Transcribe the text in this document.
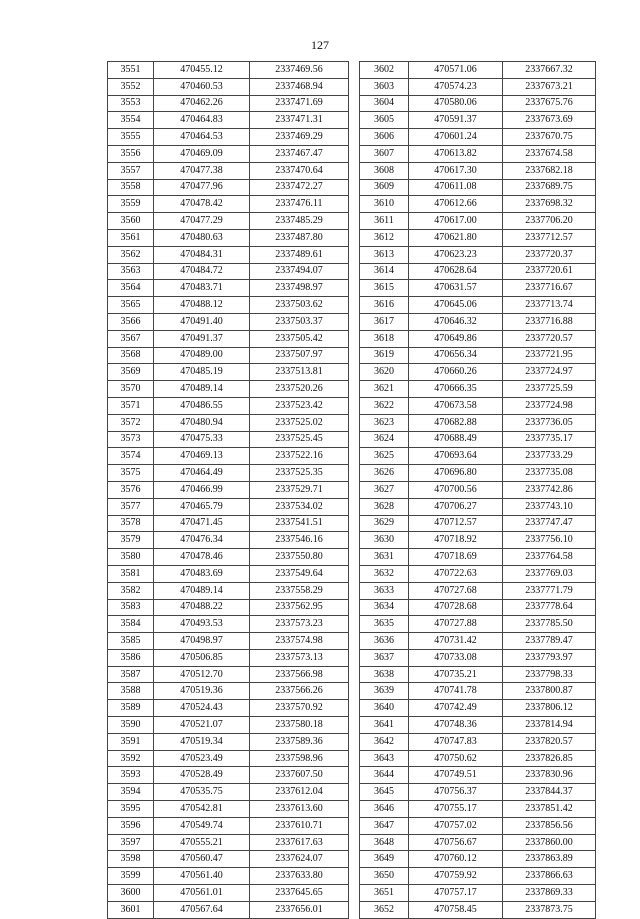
127
3551	470455.12	2337469.56
3552	470460.53	2337468.94
3553	470462.26	2337471.69
3554	470464.83	2337471.31
3555	470464.53	2337469.29
3556	470469.09	2337467.47
3557	470477.38	2337470.64
3558	470477.96	2337472.27
3559	470478.42	2337476.11
3560	470477.29	2337485.29
3561	470480.63	2337487.80
3562	470484.31	2337489.61
3563	470484.72	2337494.07
3564	470483.71	2337498.97
3565	470488.12	2337503.62
3566	470491.40	2337503.37
3567	470491.37	2337505.42
3568	470489.00	2337507.97
3569	470485.19	2337513.81
3570	470489.14	2337520.26
3571	470486.55	2337523.42
3572	470480.94	2337525.02
3573	470475.33	2337525.45
3574	470469.13	2337522.16
3575	470464.49	2337525.35
3576	470466.99	2337529.71
3577	470465.79	2337534.02
3578	470471.45	2337541.51
3579	470476.34	2337546.16
3580	470478.46	2337550.80
3581	470483.69	2337549.64
3582	470489.14	2337558.29
3583	470488.22	2337562.95
3584	470493.53	2337573.23
3585	470498.97	2337574.98
3586	470506.85	2337573.13
3587	470512.70	2337566.98
3588	470519.36	2337566.26
3589	470524.43	2337570.92
3590	470521.07	2337580.18
3591	470519.34	2337589.36
3592	470523.49	2337598.96
3593	470528.49	2337607.50
3594	470535.75	2337612.04
3595	470542.81	2337613.60
3596	470549.74	2337610.71
3597	470555.21	2337617.63
3598	470560.47	2337624.07
3599	470561.40	2337633.80
3600	470561.01	2337645.65
3601	470567.64	2337656.01
3602	470571.06	2337667.32
3603	470574.23	2337673.21
3604	470580.06	2337675.76
3605	470591.37	2337673.69
3606	470601.24	2337670.75
3607	470613.82	2337674.58
3608	470617.30	2337682.18
3609	470611.08	2337689.75
3610	470612.66	2337698.32
3611	470617.00	2337706.20
3612	470621.80	2337712.57
3613	470623.23	2337720.37
3614	470628.64	2337720.61
3615	470631.57	2337716.67
3616	470645.06	2337713.74
3617	470646.32	2337716.88
3618	470649.86	2337720.57
3619	470656.34	2337721.95
3620	470660.26	2337724.97
3621	470666.35	2337725.59
3622	470673.58	2337724.98
3623	470682.88	2337736.05
3624	470688.49	2337735.17
3625	470693.64	2337733.29
3626	470696.80	2337735.08
3627	470700.56	2337742.86
3628	470706.27	2337743.10
3629	470712.57	2337747.47
3630	470718.92	2337756.10
3631	470718.69	2337764.58
3632	470722.63	2337769.03
3633	470727.68	2337771.79
3634	470728.68	2337778.64
3635	470727.88	2337785.50
3636	470731.42	2337789.47
3637	470733.08	2337793.97
3638	470735.21	2337798.33
3639	470741.78	2337800.87
3640	470742.49	2337806.12
3641	470748.36	2337814.94
3642	470747.83	2337820.57
3643	470750.62	2337826.85
3644	470749.51	2337830.96
3645	470756.37	2337844.37
3646	470755.17	2337851.42
3647	470757.02	2337856.56
3648	470756.67	2337860.00
3649	470760.12	2337863.89
3650	470759.92	2337866.63
3651	470757.17	2337869.33
3652	470758.45	2337873.75
